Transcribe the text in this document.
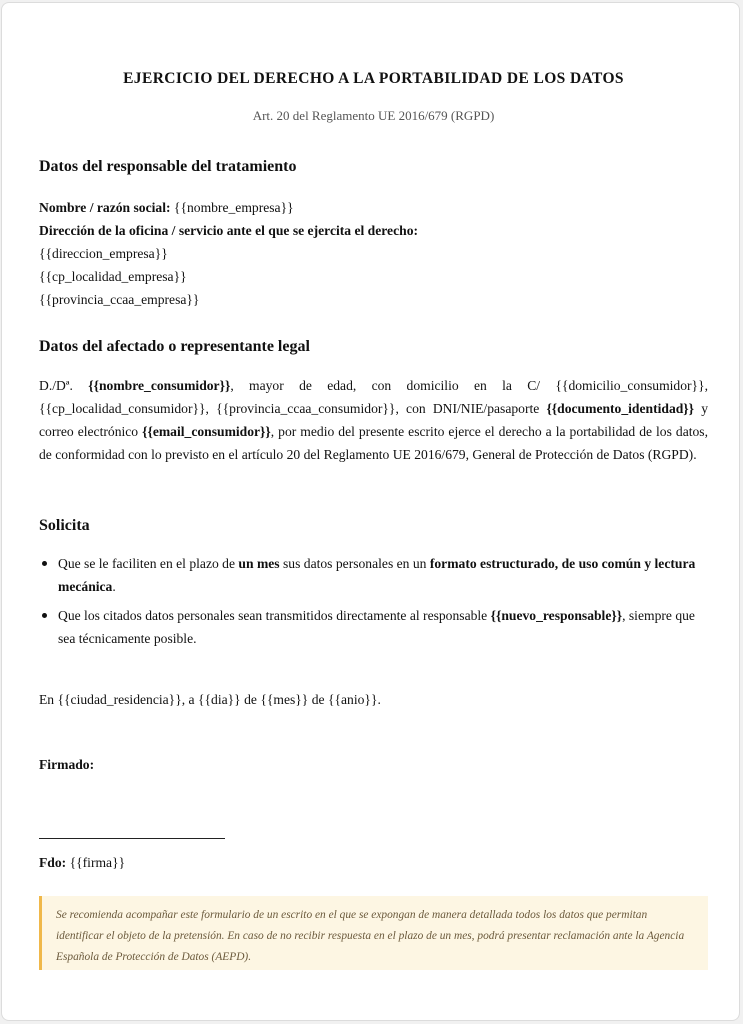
EJERCICIO DEL DERECHO A LA PORTABILIDAD DE LOS DATOS
Art. 20 del Reglamento UE 2016/679 (RGPD)
Datos del responsable del tratamiento
Nombre / razón social: {{nombre_empresa}}
Dirección de la oficina / servicio ante el que se ejercita el derecho:
{{direccion_empresa}}
{{cp_localidad_empresa}}
{{provincia_ccaa_empresa}}
Datos del afectado o representante legal
D./Dª. {{nombre_consumidor}}, mayor de edad, con domicilio en la C/ {{domicilio_consumidor}}, {{cp_localidad_consumidor}}, {{provincia_ccaa_consumidor}}, con DNI/NIE/pasaporte {{documento_identidad}} y correo electrónico {{email_consumidor}}, por medio del presente escrito ejerce el derecho a la portabilidad de los datos, de conformidad con lo previsto en el artículo 20 del Reglamento UE 2016/679, General de Protección de Datos (RGPD).
Solicita
Que se le faciliten en el plazo de un mes sus datos personales en un formato estructurado, de uso común y lectura mecánica.
Que los citados datos personales sean transmitidos directamente al responsable {{nuevo_responsable}}, siempre que sea técnicamente posible.
En {{ciudad_residencia}}, a {{dia}} de {{mes}} de {{anio}}.
Firmado:
Fdo: {{firma}}
Se recomienda acompañar este formulario de un escrito en el que se expongan de manera detallada todos los datos que permitan identificar el objeto de la pretensión. En caso de no recibir respuesta en el plazo de un mes, podrá presentar reclamación ante la Agencia Española de Protección de Datos (AEPD).
